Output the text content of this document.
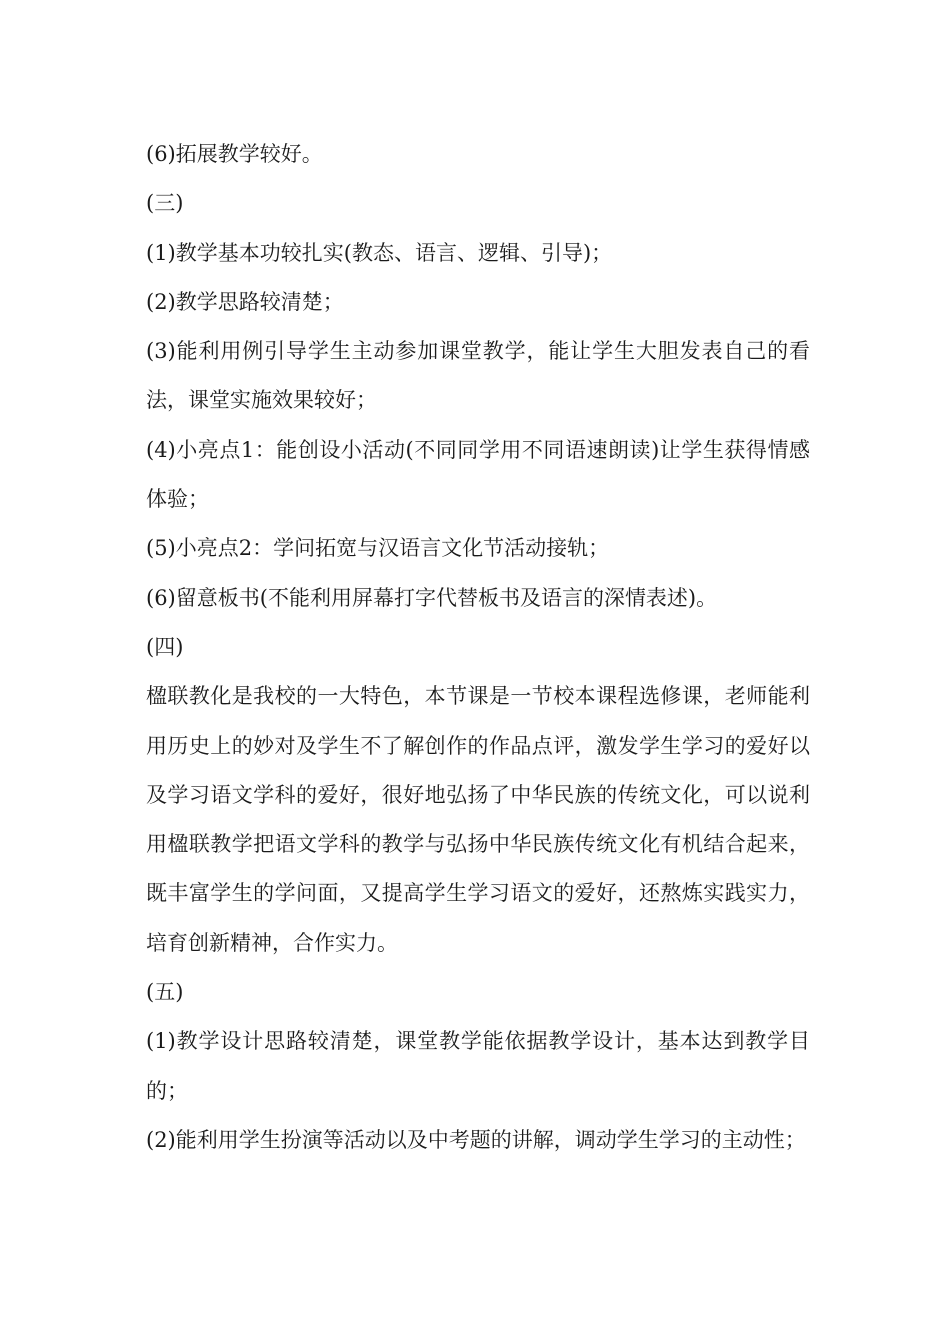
(6)拓展教学较好。

(三)

(1)教学基本功较扎实(教态、语言、逻辑、引导)；

(2)教学思路较清楚；

(3)能利用例引导学生主动参加课堂教学，能让学生大胆发表自己的看法，课堂实施效果较好；

(4)小亮点1：能创设小活动(不同同学用不同语速朗读)让学生获得情感体验；

(5)小亮点2：学问拓宽与汉语言文化节活动接轨；

(6)留意板书(不能利用屏幕打字代替板书及语言的深情表述)。

(四)

楹联教化是我校的一大特色，本节课是一节校本课程选修课，老师能利用历史上的妙对及学生不了解创作的作品点评，激发学生学习的爱好以及学习语文学科的爱好，很好地弘扬了中华民族的传统文化，可以说利用楹联教学把语文学科的教学与弘扬中华民族传统文化有机结合起来，既丰富学生的学问面，又提高学生学习语文的爱好，还熬炼实践实力，培育创新精神，合作实力。

(五)

(1)教学设计思路较清楚，课堂教学能依据教学设计，基本达到教学目的；

(2)能利用学生扮演等活动以及中考题的讲解，调动学生学习的主动性；
